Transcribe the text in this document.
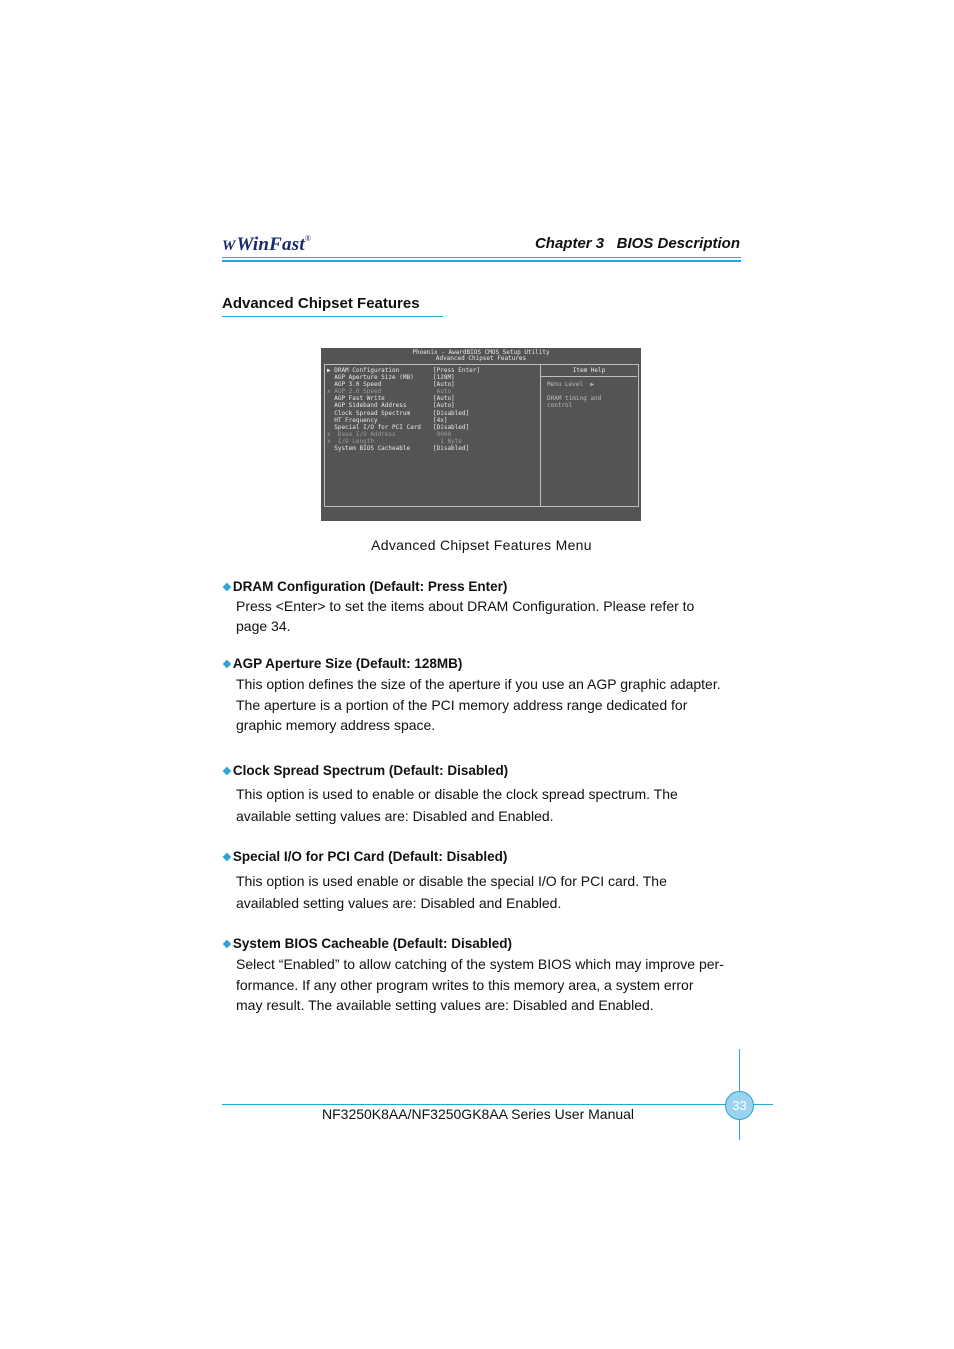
WWinFast®	Chapter 3   BIOS Description
Advanced Chipset Features
Phoenix - AwardBIOS CMOS Setup Utility
Advanced Chipset Features
Item Help
▶ DRAM Configuration	[Press Enter]
AGP Aperture Size (MB)	[128M]
AGP 3.0 Speed	[Auto]
x AGP 2.0 Speed	Auto
AGP Fast Write	[Auto]
AGP Sideband Address	[Auto]
Clock Spread Spectrum	[Disabled]
HT Frequency	[4x]
Special I/O for PCI Card [Disabled]
x  Base I/O Address	0000
x  I/O Length	1 Byte
System BIOS Cacheable	[Disabled]
Menu Level  ▶
DRAM timing and
control

Advanced Chipset Features Menu
❖DRAM Configuration (Default: Press Enter)
Press <Enter> to set the items about DRAM Configuration. Please refer to
page 34.
❖AGP Aperture Size (Default: 128MB)
This option defines the size of the aperture if you use an AGP graphic adapter.
The aperture is a portion of the PCI memory address range dedicated for
graphic memory address space.
❖Clock Spread Spectrum (Default: Disabled)
This option is used to enable or disable the clock spread spectrum. The
available setting values are: Disabled and Enabled.
❖Special I/O for PCI Card (Default: Disabled)
This option is used enable or disable the special I/O for PCI card. The
availabled setting values are: Disabled and Enabled.
❖System BIOS Cacheable (Default: Disabled)
Select “Enabled” to allow catching of the system BIOS which may improve per-
formance. If any other program writes to this memory area, a system error
may result. The available setting values are: Disabled and Enabled.
33
NF3250K8AA/NF3250GK8AA Series User Manual
